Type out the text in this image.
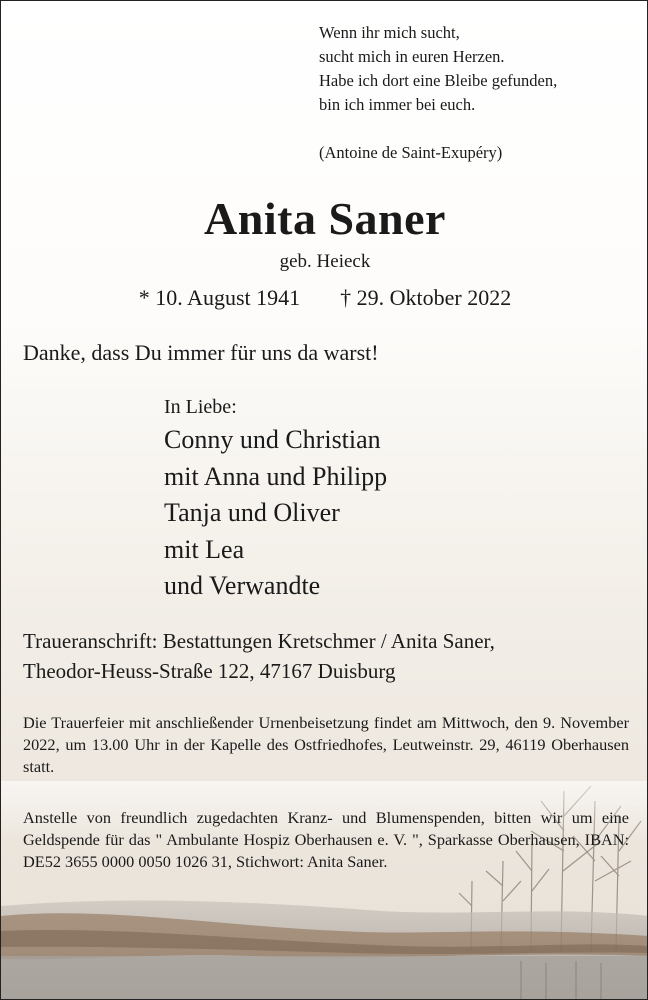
Wenn ihr mich sucht,
sucht mich in euren Herzen.
Habe ich dort eine Bleibe gefunden,
bin ich immer bei euch.
(Antoine de Saint-Exupéry)
Anita Saner
geb. Heieck
* 10. August 1941 † 29. Oktober 2022
Danke, dass Du immer für uns da warst!
In Liebe:
Conny und Christian
mit Anna und Philipp
Tanja und Oliver
mit Lea
und Verwandte
Traueranschrift: Bestattungen Kretschmer / Anita Saner,
Theodor-Heuss-Straße 122, 47167 Duisburg

Die Trauerfeier mit anschließender Urnenbeisetzung findet am Mittwoch, den 9. November 2022, um 13.00 Uhr in der Kapelle des Ostfriedhofes, Leutweinstr. 29, 46119 Oberhausen statt.

Anstelle von freundlich zugedachten Kranz- und Blumenspenden, bitten wir um eine Geldspende für das " Ambulante Hospiz Oberhausen e. V. ", Sparkasse Oberhausen, IBAN: DE52 3655 0000 0050 1026 31, Stichwort: Anita Saner.
